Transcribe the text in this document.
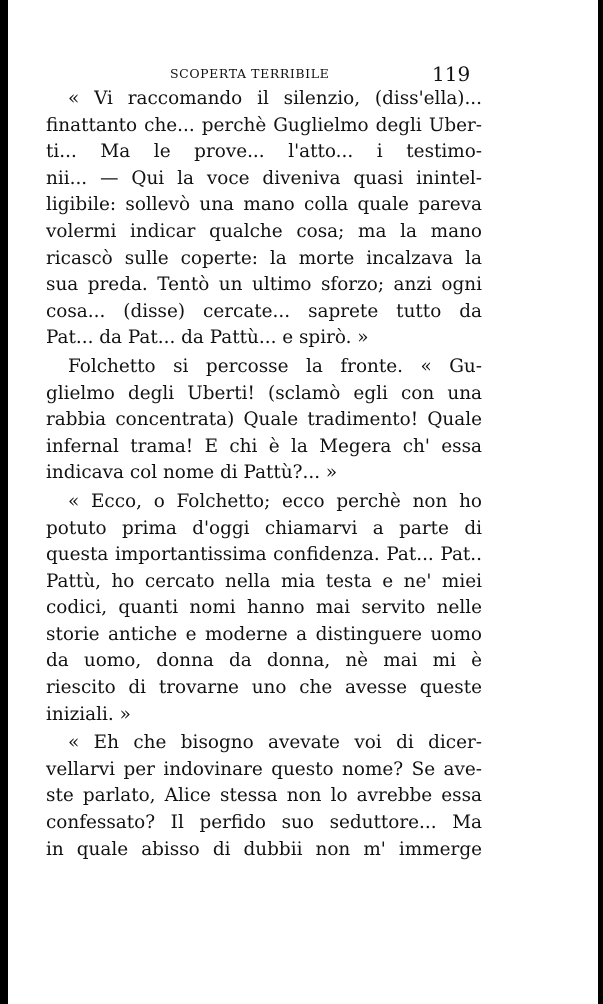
SCOPERTA TERRIBILE	119
« Vi raccomando il silenzio, (diss'ella)...
finattanto che... perchè Guglielmo degli Uber-
ti... Ma le prove... l'atto... i testimo-
nii... — Qui la voce diveniva quasi inintel-
ligibile: sollevò una mano colla quale pareva
volermi indicar qualche cosa; ma la mano
ricascò sulle coperte: la morte incalzava la
sua preda. Tentò un ultimo sforzo; anzi ogni
cosa... (disse) cercate... saprete tutto da
Pat... da Pat... da Pattù... e spirò. »
Folchetto si percosse la fronte. « Gu-
glielmo degli Uberti! (sclamò egli con una
rabbia concentrata) Quale tradimento! Quale
infernal trama! E chi è la Megera ch' essa
indicava col nome di Pattù?... »
« Ecco, o Folchetto; ecco perchè non ho
potuto prima d'oggi chiamarvi a parte di
questa importantissima confidenza. Pat... Pat..
Pattù, ho cercato nella mia testa e ne' miei
codici, quanti nomi hanno mai servito nelle
storie antiche e moderne a distinguere uomo
da uomo, donna da donna, nè mai mi è
riescito di trovarne uno che avesse queste
iniziali. »
« Eh che bisogno avevate voi di dicer-
vellarvi per indovinare questo nome? Se ave-
ste parlato, Alice stessa non lo avrebbe essa
confessato? Il perfido suo seduttore... Ma
in quale abisso di dubbii non m' immerge
